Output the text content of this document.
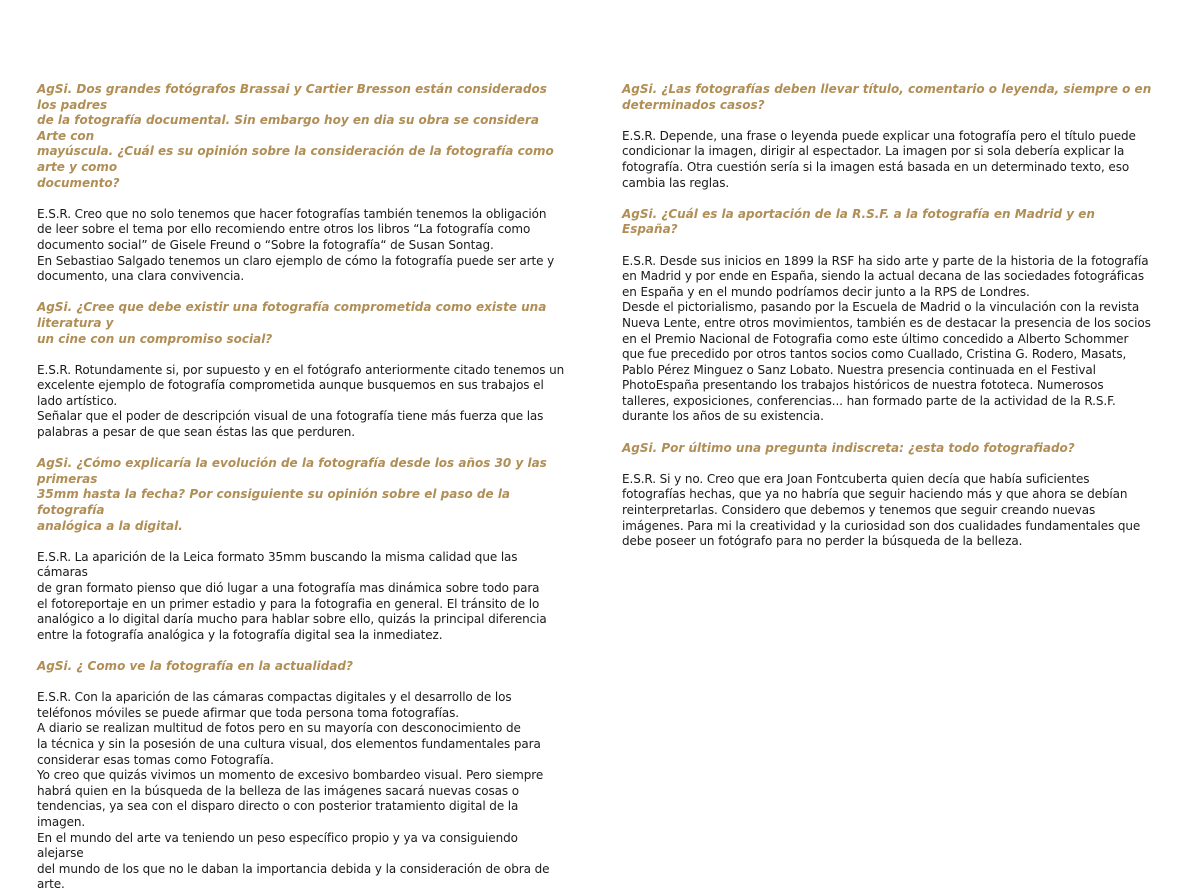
AgSi. Dos grandes fotógrafos Brassai y Cartier Bresson están considerados los padres
de la fotografía documental. Sin embargo hoy en dia su obra se considera Arte con
mayúscula. ¿Cuál es su opinión sobre la consideración de la fotografía como arte y como
documento?

E.S.R. Creo que no solo tenemos que hacer fotografías también tenemos la obligación
de leer sobre el tema por ello recomiendo entre otros los libros “La fotografía como
documento social” de Gisele Freund o “Sobre la fotografía“ de Susan Sontag.
En Sebastiao Salgado tenemos un claro ejemplo de cómo la fotografía puede ser arte y
documento, una clara convivencia.

AgSi. ¿Cree que debe existir una fotografía comprometida como existe una literatura y
un cine con un compromiso social?

E.S.R. Rotundamente si, por supuesto y en el fotógrafo anteriormente citado tenemos un
excelente ejemplo de fotografía comprometida aunque busquemos en sus trabajos el
lado artístico.
Señalar que el poder de descripción visual de una fotografía tiene más fuerza que las
palabras a pesar de que sean éstas las que perduren.

AgSi. ¿Cómo explicaría la evolución de la fotografía desde los años 30 y las primeras
35mm hasta la fecha? Por consiguiente su opinión sobre el paso de la fotografía
analógica a la digital.

E.S.R. La aparición de la Leica formato 35mm buscando la misma calidad que las cámaras
de gran formato pienso que dió lugar a una fotografía mas dinámica sobre todo para
el fotoreportaje en un primer estadio y para la fotografia en general. El tránsito de lo
analógico a lo digital daría mucho para hablar sobre ello, quizás la principal diferencia
entre la fotografía analógica y la fotografía digital sea la inmediatez.

AgSi. ¿ Como ve la fotografía en la actualidad?

E.S.R. Con la aparición de las cámaras compactas digitales y el desarrollo de los
teléfonos móviles se puede afirmar que toda persona toma fotografías.
A diario se realizan multitud de fotos pero en su mayoría con desconocimiento de
la técnica y sin la posesión de una cultura visual, dos elementos fundamentales para
considerar esas tomas como Fotografía.
Yo creo que quizás vivimos un momento de excesivo bombardeo visual. Pero siempre
habrá quien en la búsqueda de la belleza de las imágenes sacará nuevas cosas o
tendencias, ya sea con el disparo directo o con posterior tratamiento digital de la imagen.
En el mundo del arte va teniendo un peso específico propio y ya va consiguiendo alejarse
del mundo de los que no le daban la importancia debida y la consideración de obra de
arte.

AgSi. ¿Las fotografías deben llevar título, comentario o leyenda, siempre o en
determinados casos?

E.S.R. Depende, una frase o leyenda puede explicar una fotografía pero el título puede
condicionar la imagen, dirigir al espectador. La imagen por si sola debería explicar la
fotografía. Otra cuestión sería si la imagen está basada en un determinado texto, eso
cambia las reglas.

AgSi. ¿Cuál es la aportación de la R.S.F. a la fotografía en Madrid y en España?

E.S.R. Desde sus inicios en 1899 la RSF ha sido arte y parte de la historia de la fotografía
en Madrid y por ende en España, siendo la actual decana de las sociedades fotográficas
en España y en el mundo podríamos decir junto a la RPS de Londres.
Desde el pictorialismo, pasando por la Escuela de Madrid o la vinculación con la revista
Nueva Lente, entre otros movimientos, también es de destacar la presencia de los socios
en el Premio Nacional de Fotografia como este último concedido a Alberto Schommer
que fue precedido por otros tantos socios como Cuallado, Cristina G. Rodero, Masats,
Pablo Pérez Minguez o Sanz Lobato. Nuestra presencia continuada en el Festival
PhotoEspaña presentando los trabajos históricos de nuestra fototeca. Numerosos
talleres, exposiciones, conferencias... han formado parte de la actividad de la R.S.F.
durante los años de su existencia.

AgSi. Por último una pregunta indiscreta: ¿esta todo fotografiado?

E.S.R. Si y no. Creo que era Joan Fontcuberta quien decía que había suficientes
fotografías hechas, que ya no habría que seguir haciendo más y que ahora se debían
reinterpretarlas. Considero que debemos y tenemos que seguir creando nuevas
imágenes. Para mi la creatividad y la curiosidad son dos cualidades fundamentales que
debe poseer un fotógrafo para no perder la búsqueda de la belleza.
